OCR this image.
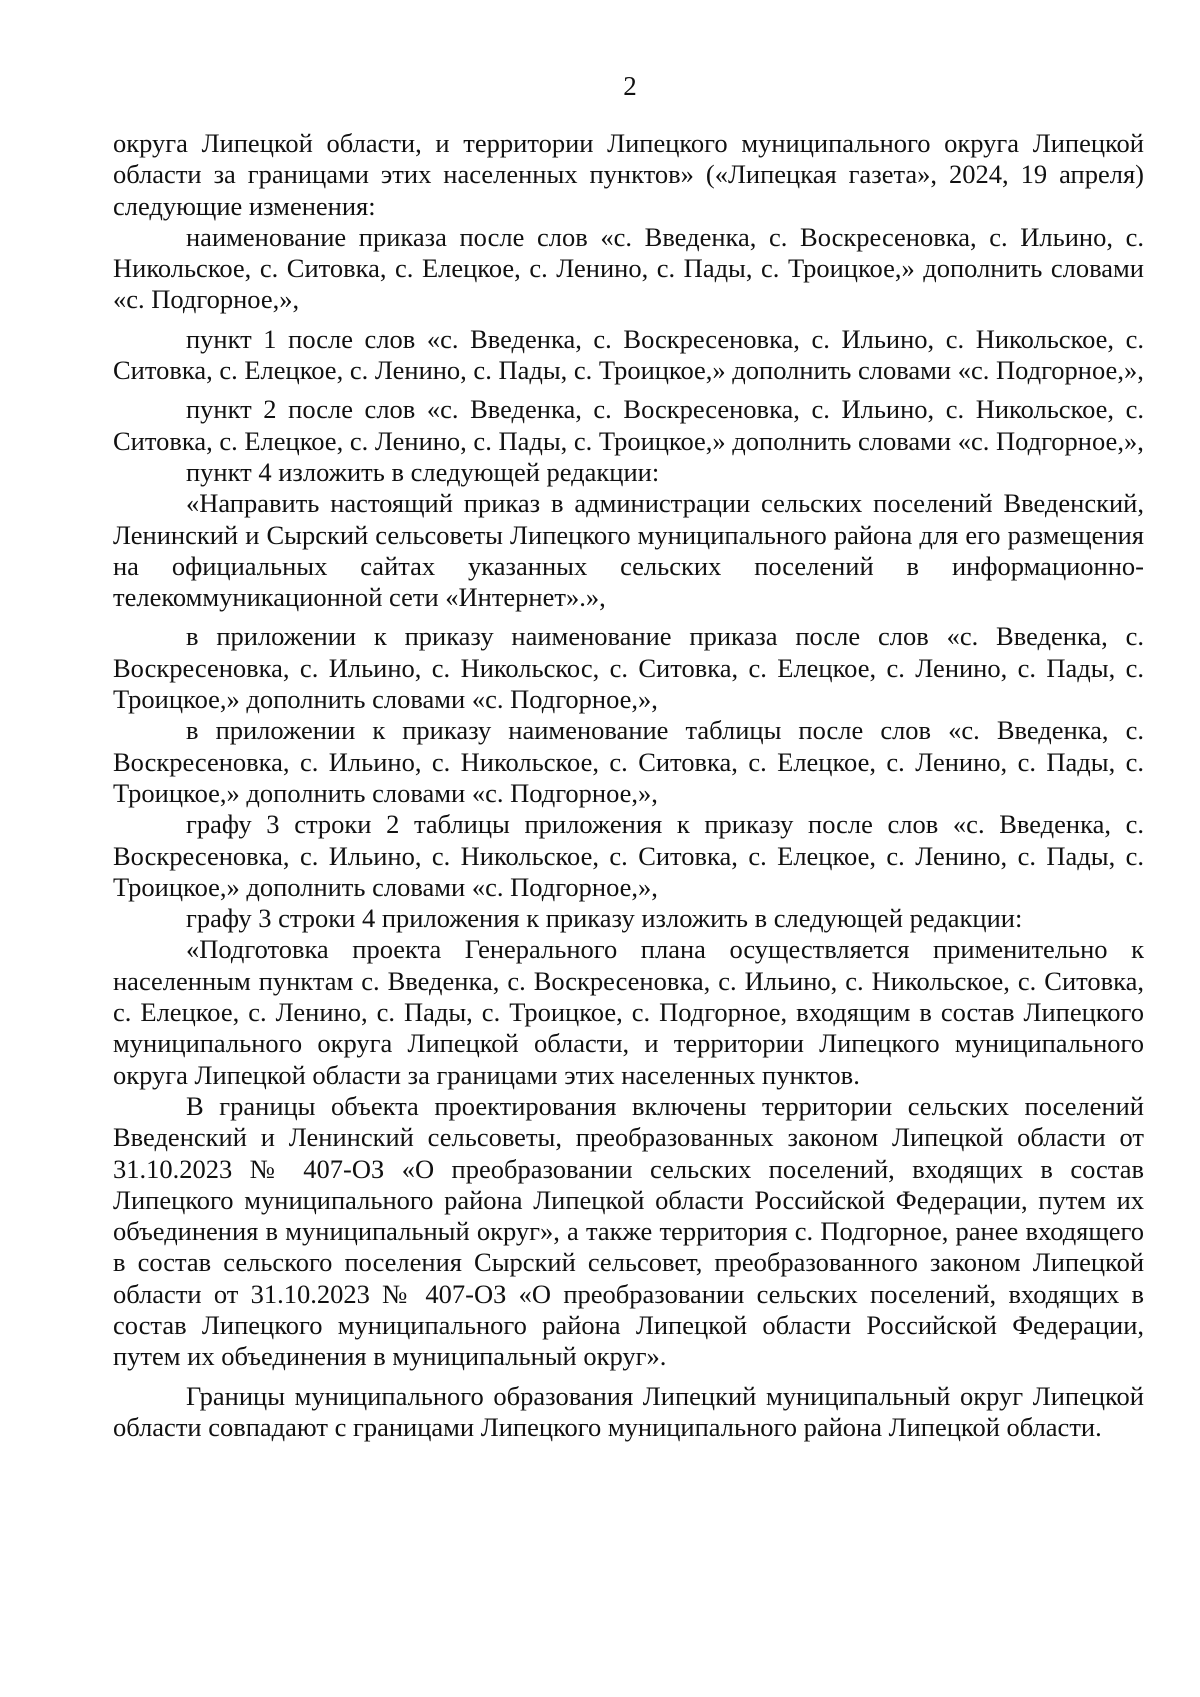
2

округа Липецкой области, и территории Липецкого муниципального округа Липецкой области за границами этих населенных пунктов» («Липецкая газета», 2024, 19 апреля) следующие изменения:

наименование приказа после слов «с. Введенка, с. Воскресеновка, с. Ильино, с. Никольское, с. Ситовка, с. Елецкое, с. Ленино, с. Пады, с. Троицкое,» дополнить словами «с. Подгорное,»,

пункт 1 после слов «с. Введенка, с. Воскресеновка, с. Ильино, с. Никольское, с. Ситовка, с. Елецкое, с. Ленино, с. Пады, с. Троицкое,» дополнить словами «с. Подгорное,»,

пункт 2 после слов «с. Введенка, с. Воскресеновка, с. Ильино, с. Никольское, с. Ситовка, с. Елецкое, с. Ленино, с. Пады, с. Троицкое,» дополнить словами «с. Подгорное,»,

пункт 4 изложить в следующей редакции:

«Направить настоящий приказ в администрации сельских поселений Введенский, Ленинский и Сырский сельсоветы Липецкого муниципального района для его размещения на официальных сайтах указанных сельских поселений в информационно-телекоммуникационной сети «Интернет».»,

в приложении к приказу наименование приказа после слов «с. Введенка, с. Воскресеновка, с. Ильино, с. Никольскос, с. Ситовка, с. Елецкое, с. Ленино, с. Пады, с. Троицкое,» дополнить словами «с. Подгорное,»,

в приложении к приказу наименование таблицы после слов «с. Введенка, с. Воскресеновка, с. Ильино, с. Никольское, с. Ситовка, с. Елецкое, с. Ленино, с. Пады, с. Троицкое,» дополнить словами «с. Подгорное,»,

графу 3 строки 2 таблицы приложения к приказу после слов «с. Введенка, с. Воскресеновка, с. Ильино, с. Никольское, с. Ситовка, с. Елецкое, с. Ленино, с. Пады, с. Троицкое,» дополнить словами «с. Подгорное,»,

графу 3 строки 4 приложения к приказу изложить в следующей редакции:

«Подготовка проекта Генерального плана осуществляется применительно к населенным пунктам с. Введенка, с. Воскресеновка, с. Ильино, с. Никольское, с. Ситовка, с. Елецкое, с. Ленино, с. Пады, с. Троицкое, с. Подгорное, входящим в состав Липецкого муниципального округа Липецкой области, и территории Липецкого муниципального округа Липецкой области за границами этих населенных пунктов.

В границы объекта проектирования включены территории сельских поселений Введенский и Ленинский сельсоветы, преобразованных законом Липецкой области от 31.10.2023 № 407-ОЗ «О преобразовании сельских поселений, входящих в состав Липецкого муниципального района Липецкой области Российской Федерации, путем их объединения в муниципальный округ», а также территория с. Подгорное, ранее входящего в состав сельского поселения Сырский сельсовет, преобразованного законом Липецкой области от 31.10.2023 № 407-ОЗ «О преобразовании сельских поселений, входящих в состав Липецкого муниципального района Липецкой области Российской Федерации, путем их объединения в муниципальный округ».

Границы муниципального образования Липецкий муниципальный округ Липецкой области совпадают с границами Липецкого муниципального района Липецкой области.
